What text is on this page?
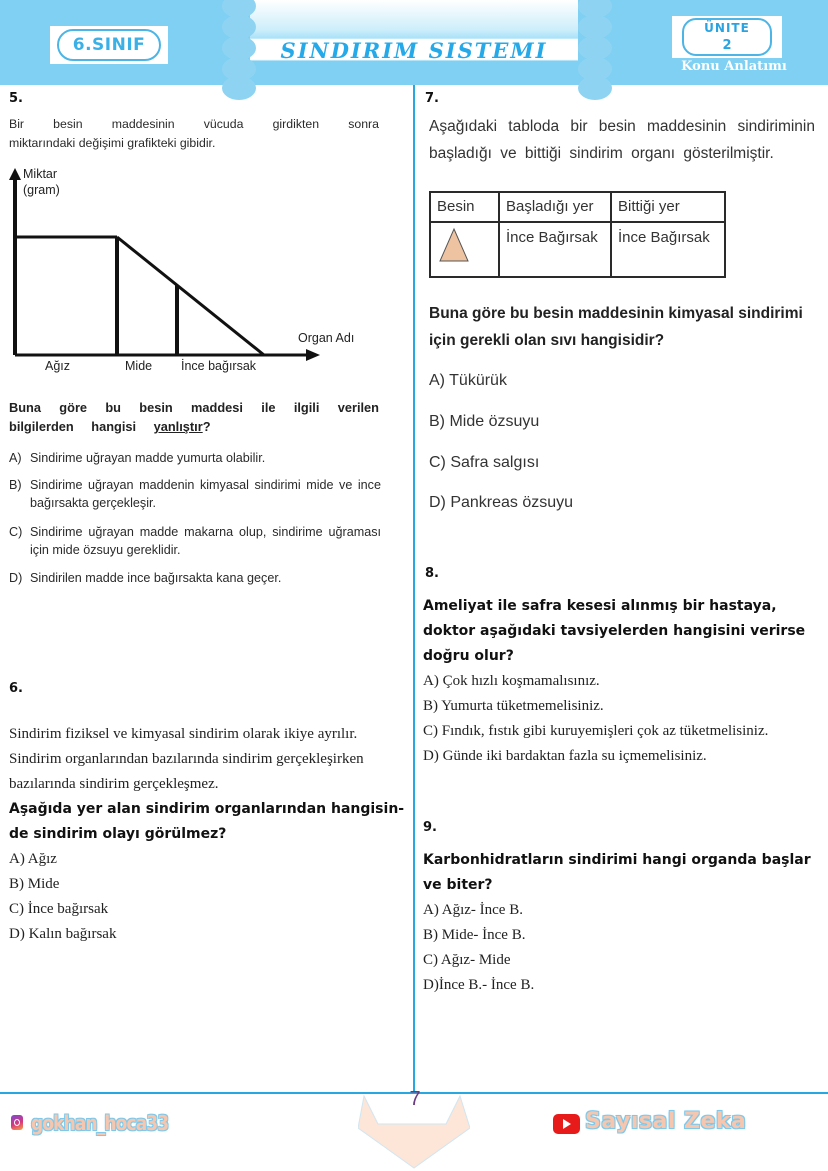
6.SINIF	SINDIRIM SISTEMI
ÜNITE
2
Konu Anlatımı
5.
Bir besin maddesinin vücuda girdikten sonra
miktarındaki değişimi grafikteki gibidir.
Miktar
(gram)
Organ Adı
Ağız	Mide İnce bağırsak
Buna göre bu besin maddesi ile ilgili verilen
bilgilerden hangisi yanlıştır?
A) Sindirime uğrayan madde yumurta olabilir.
B) Sindirime uğrayan maddenin kimyasal sindirimi mide ve ince bağırsakta gerçekleşir.
C) Sindirime uğrayan madde makarna olup, sindirime uğraması için mide özsuyu gereklidir.
D) Sindirilen madde ince bağırsakta kana geçer.
6.
Sindirim fiziksel ve kimyasal sindirim olarak ikiye ayrılır.
Sindirim organlarından bazılarında sindirim gerçekleşirken
bazılarında sindirim gerçekleşmez.
Aşağıda yer alan sindirim organlarından hangisin-
de sindirim olayı görülmez?
A) Ağız
B) Mide
C) İnce bağırsak
D) Kalın bağırsak
7.
Aşağıdaki tabloda bir besin maddesinin sindiriminin
başladığı ve bittiği sindirim organı gösterilmiştir.
Besin	Başladığı yer	Bittiği yer
	İnce Bağırsak	İnce Bağırsak
Buna göre bu besin maddesinin kimyasal sindirimi
için gerekli olan sıvı hangisidir?
A) Tükürük
B) Mide özsuyu
C) Safra salgısı
D) Pankreas özsuyu
8.
Ameliyat ile safra kesesi alınmış bir hastaya,
doktor aşağıdaki tavsiyelerden hangisini verirse
doğru olur?
A) Çok hızlı koşmamalısınız.
B) Yumurta tüketmemelisiniz.
C) Fındık, fıstık gibi kuruyemişleri çok az tüketmelisiniz.
D) Günde iki bardaktan fazla su içmemelisiniz.
9.
Karbonhidratların sindirimi hangi organda başlar
ve biter?
A) Ağız- İnce B.
B) Mide- İnce B.
C) Ağız- Mide
D)İnce B.- İnce B.
7
gokhan_hoca33	Sayısal Zeka
